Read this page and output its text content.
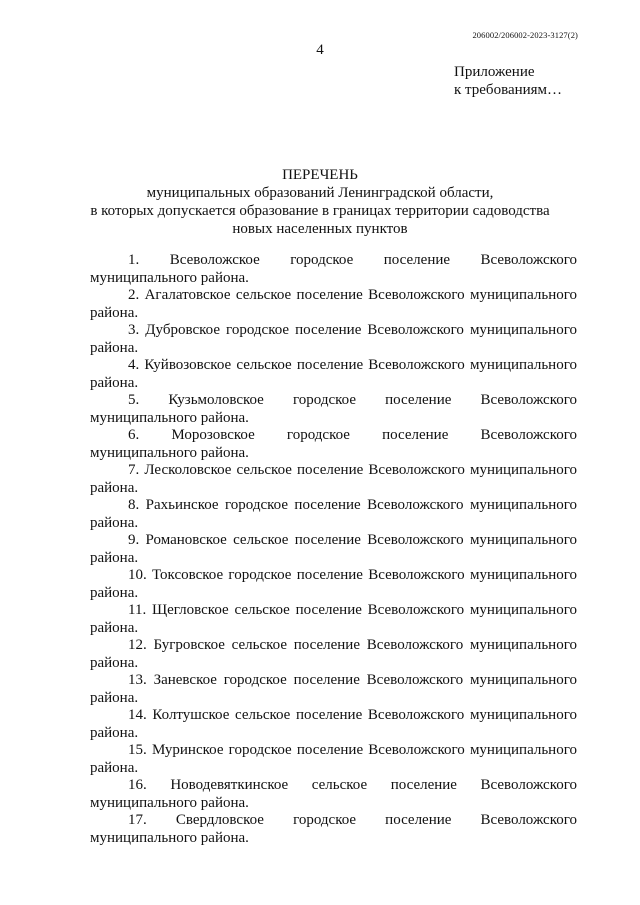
206002/206002-2023-3127(2)
4
Приложение
к требованиям…
ПЕРЕЧЕНЬ
муниципальных образований Ленинградской области,
в которых допускается образование в границах территории садоводства
новых населенных пунктов
1. Всеволожское городское поселение Всеволожского
муниципального района.
2. Агалатовское сельское поселение Всеволожского муниципального
района.
3. Дубровское городское поселение Всеволожского муниципального
района.
4. Куйвозовское сельское поселение Всеволожского муниципального
района.
5. Кузьмоловское городское поселение Всеволожского
муниципального района.
6. Морозовское городское поселение Всеволожского
муниципального района.
7. Лесколовское сельское поселение Всеволожского муниципального
района.
8. Рахьинское городское поселение Всеволожского муниципального
района.
9. Романовское сельское поселение Всеволожского муниципального
района.
10. Токсовское городское поселение Всеволожского муниципального
района.
11. Щегловское сельское поселение Всеволожского муниципального
района.
12. Бугровское сельское поселение Всеволожского муниципального
района.
13. Заневское городское поселение Всеволожского муниципального
района.
14. Колтушское сельское поселение Всеволожского муниципального
района.
15. Муринское городское поселение Всеволожского муниципального
района.
16. Новодевяткинское сельское поселение Всеволожского
муниципального района.
17. Свердловское городское поселение Всеволожского
муниципального района.
